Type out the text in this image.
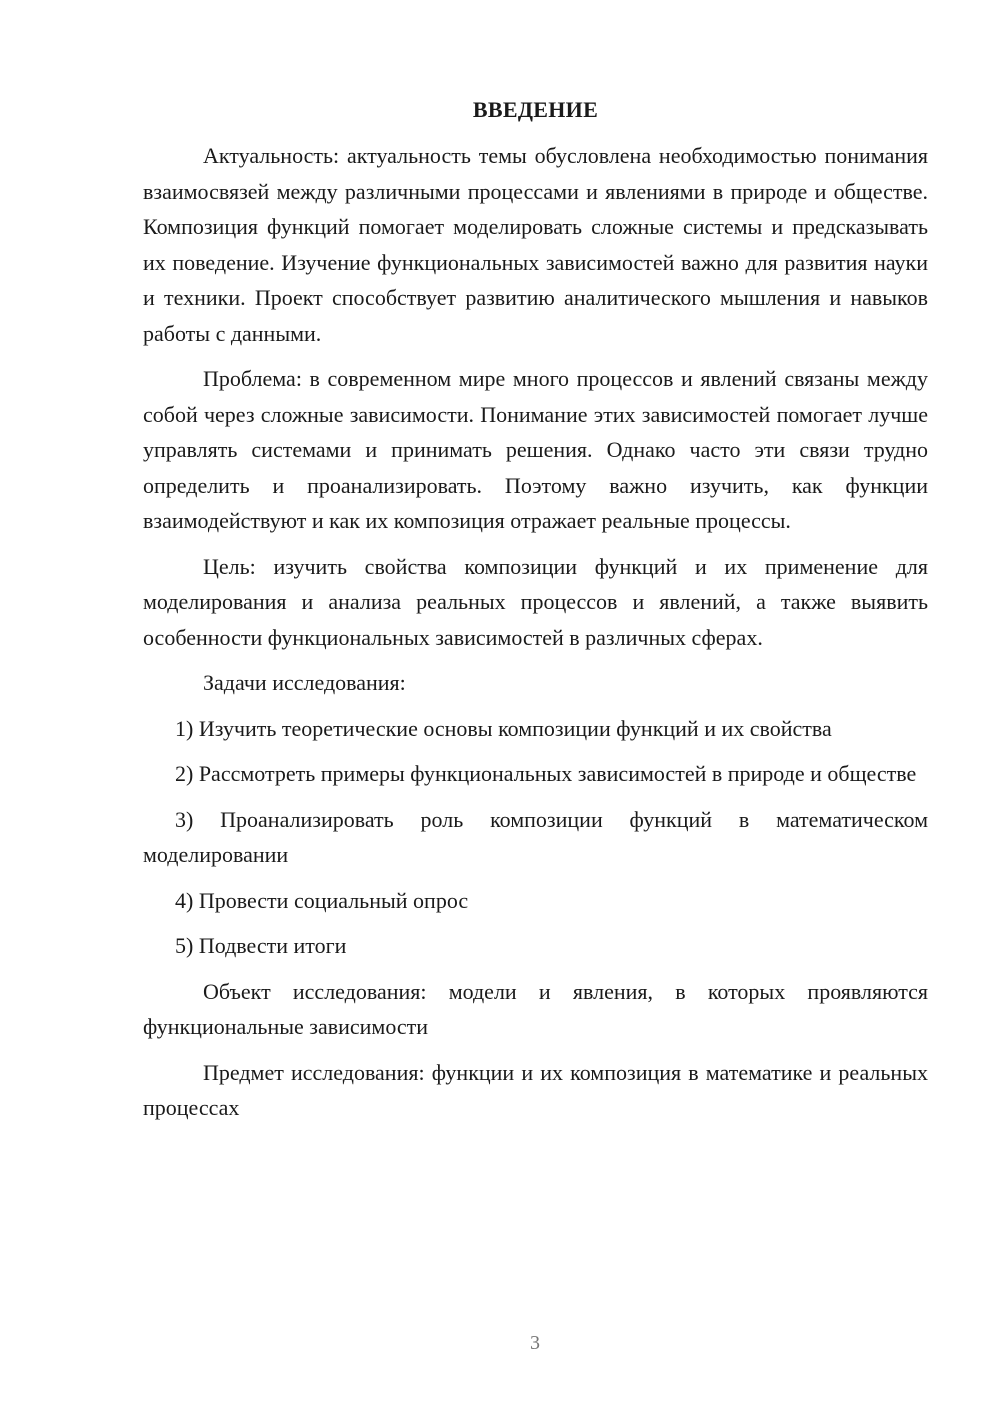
ВВЕДЕНИЕ

Актуальность: актуальность темы обусловлена необходимостью понимания взаимосвязей между различными процессами и явлениями в природе и обществе. Композиция функций помогает моделировать сложные системы и предсказывать их поведение. Изучение функциональных зависимостей важно для развития науки и техники. Проект способствует развитию аналитического мышления и навыков работы с данными.

Проблема: в современном мире много процессов и явлений связаны между собой через сложные зависимости. Понимание этих зависимостей помогает лучше управлять системами и принимать решения. Однако часто эти связи трудно определить и проанализировать. Поэтому важно изучить, как функции взаимодействуют и как их композиция отражает реальные процессы.

Цель: изучить свойства композиции функций и их применение для моделирования и анализа реальных процессов и явлений, а также выявить особенности функциональных зависимостей в различных сферах.

Задачи исследования:

1) Изучить теоретические основы композиции функций и их свойства

2) Рассмотреть примеры функциональных зависимостей в природе и обществе

3) Проанализировать роль композиции функций в математическом моделировании

4) Провести социальный опрос

5) Подвести итоги

Объект исследования: модели и явления, в которых проявляются функциональные зависимости

Предмет исследования: функции и их композиция в математике и реальных процессах

3
